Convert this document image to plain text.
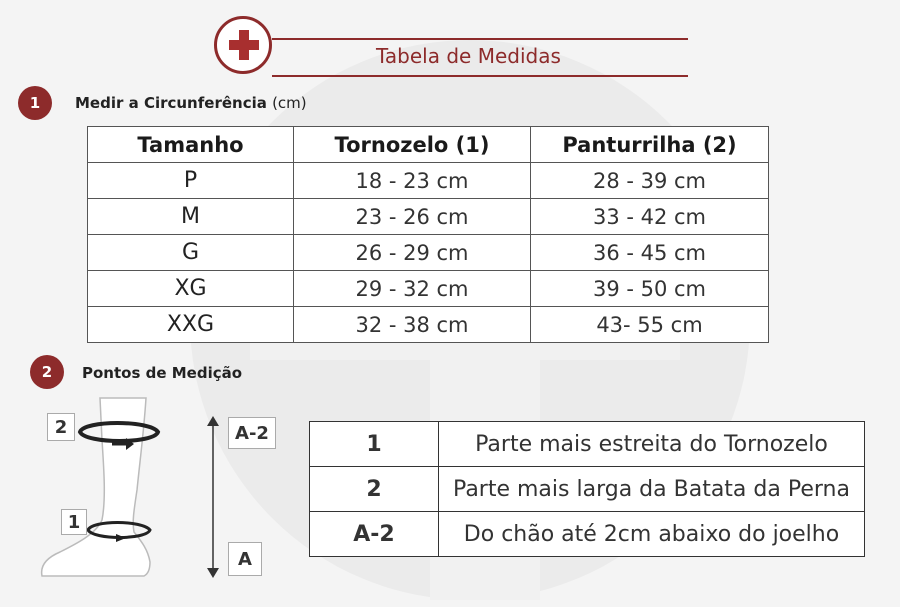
Tabela de Medidas
1	Medir a Circunferência (cm)
Tamanho	Tornozelo (1)	Panturrilha (2)
P	18 - 23 cm	28 - 39 cm
M	23 - 26 cm	33 - 42 cm
G	26 - 29 cm	36 - 45 cm
XG	29 - 32 cm	39 - 50 cm
XXG	32 - 38 cm	43- 55 cm
2	Pontos de Medição
2
1
A-2
A
1	Parte mais estreita do Tornozelo
2	Parte mais larga da Batata da Perna
A-2	Do chão até 2cm abaixo do joelho
